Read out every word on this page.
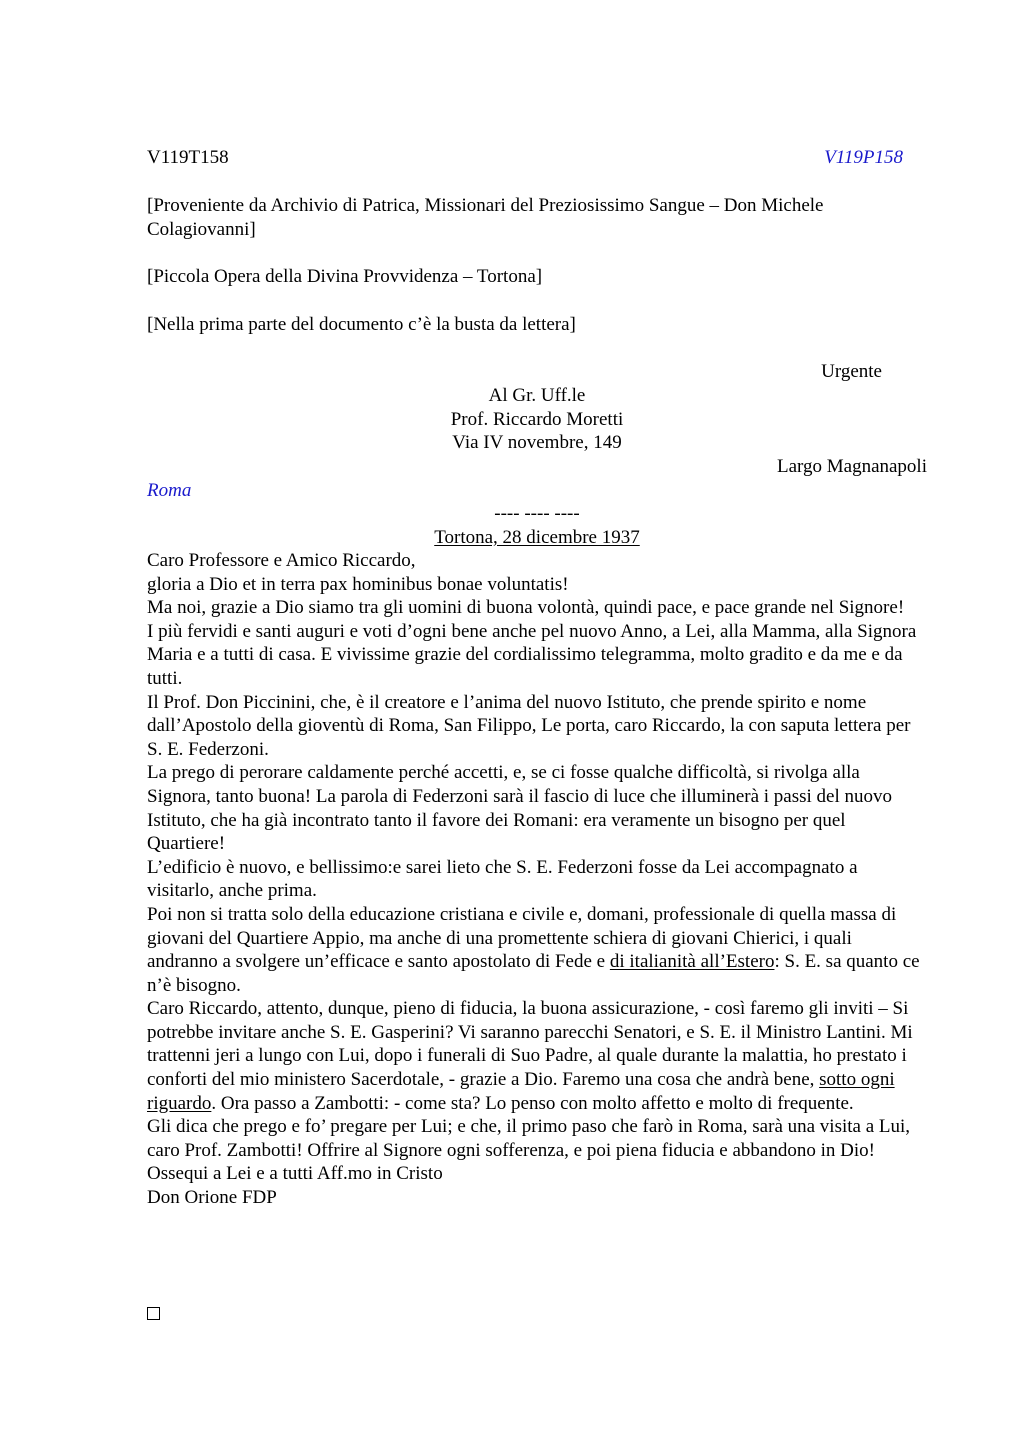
V119T158	V119P158
[Proveniente da Archivio di Patrica, Missionari del Preziosissimo Sangue – Don Michele Colagiovanni]
[Piccola Opera della Divina Provvidenza – Tortona]
[Nella prima parte del documento c’è la busta da lettera]
Urgente
Al Gr. Uff.le
Prof. Riccardo Moretti
Via IV novembre, 149
Largo Magnanapoli
Roma
---- ---- ----
Tortona, 28 dicembre 1937

Caro Professore e Amico Riccardo,

gloria a Dio et in terra pax hominibus bonae voluntatis!

Ma noi, grazie a Dio siamo tra gli uomini di buona volontà, quindi pace, e pace grande nel Signore!

I più fervidi e santi auguri e voti d’ogni bene anche pel nuovo Anno, a Lei, alla Mamma, alla Signora Maria e a tutti di casa. E vivissime grazie del cordialissimo telegramma, molto gradito e da me e da tutti.

Il Prof. Don Piccinini, che, è il creatore e l’anima del nuovo Istituto, che prende spirito e nome dall’Apostolo della gioventù di Roma, San Filippo, Le porta, caro Riccardo, la con saputa lettera per S. E. Federzoni.

La prego di perorare caldamente perché accetti, e, se ci fosse qualche difficoltà, si rivolga alla Signora, tanto buona! La parola di Federzoni sarà il fascio di luce che illuminerà i passi del nuovo Istituto, che ha già incontrato tanto il favore dei Romani: era veramente un bisogno per quel Quartiere!

L’edificio è nuovo, e bellissimo:e sarei lieto che S. E. Federzoni fosse da Lei accompagnato a visitarlo, anche prima.

Poi non si tratta solo della educazione cristiana e civile e, domani, professionale di quella massa di giovani del Quartiere Appio, ma anche di una promettente schiera di giovani Chierici, i quali andranno a svolgere un’efficace e santo apostolato di Fede e di italianità all’Estero: S. E. sa quanto ce n’è bisogno.

Caro Riccardo, attento, dunque, pieno di fiducia, la buona assicurazione, - così faremo gli inviti – Si potrebbe invitare anche S. E. Gasperini? Vi saranno parecchi Senatori, e S. E. il Ministro Lantini. Mi trattenni jeri a lungo con Lui, dopo i funerali di Suo Padre, al quale durante la malattia, ho prestato i conforti del mio ministero Sacerdotale, - grazie a Dio. Faremo una cosa che andrà bene, sotto ogni riguardo. Ora passo a Zambotti: - come sta? Lo penso con molto affetto e molto di frequente.

Gli dica che prego e fo’ pregare per Lui; e che, il primo paso che farò in Roma, sarà una visita a Lui, caro Prof. Zambotti! Offrire al Signore ogni sofferenza, e poi piena fiducia e abbandono in Dio!

Ossequi a Lei e a tutti Aff.mo in Cristo

Don Orione FDP
